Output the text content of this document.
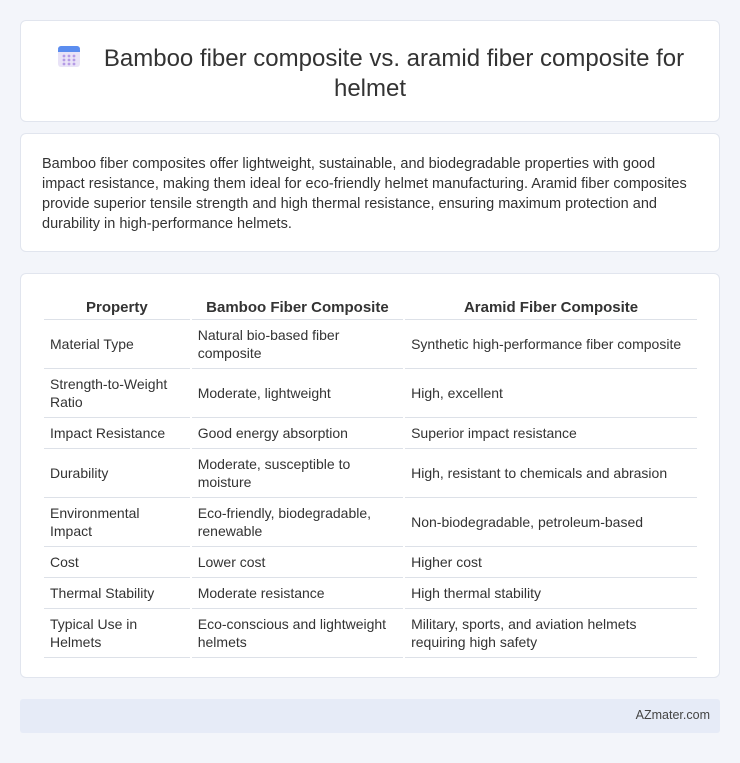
Bamboo fiber composite vs. aramid fiber composite for helmet

Bamboo fiber composites offer lightweight, sustainable, and biodegradable properties with good impact resistance, making them ideal for eco-friendly helmet manufacturing. Aramid fiber composites provide superior tensile strength and high thermal resistance, ensuring maximum protection and durability in high-performance helmets.

Property	Bamboo Fiber Composite	Aramid Fiber Composite
Material Type	Natural bio-based fiber composite	Synthetic high-performance fiber composite
Strength-to-Weight Ratio	Moderate, lightweight	High, excellent
Impact Resistance	Good energy absorption	Superior impact resistance
Durability	Moderate, susceptible to moisture	High, resistant to chemicals and abrasion
Environmental Impact	Eco-friendly, biodegradable, renewable	Non-biodegradable, petroleum-based
Cost	Lower cost	Higher cost
Thermal Stability	Moderate resistance	High thermal stability
Typical Use in Helmets	Eco-conscious and lightweight helmets	Military, sports, and aviation helmets requiring high safety
AZmater.com
